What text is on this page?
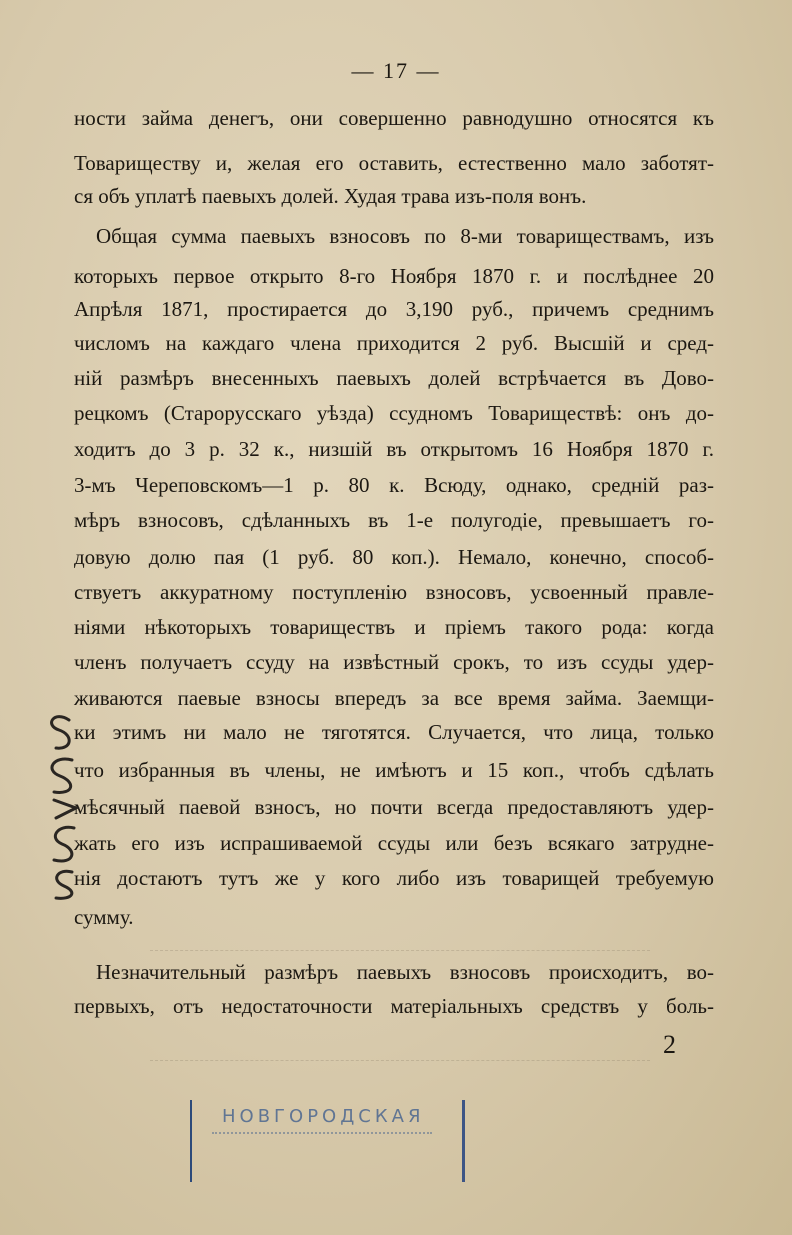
— 17 —
ности займа денегъ, они совершенно равнодушно относятся къ
Товариществу и, желая его оставить, естественно мало заботят-
ся объ уплатѣ паевыхъ долей. Худая трава изъ-поля вонъ.
Общая сумма паевыхъ взносовъ по 8-ми товариществамъ, изъ
которыхъ первое открыто 8-го Ноября 1870 г. и послѣднее 20
Апрѣля 1871, простирается до 3,190 руб., причемъ среднимъ
числомъ на каждаго члена приходится 2 руб. Высшій и сред-
ній размѣръ внесенныхъ паевыхъ долей встрѣчается въ Дово-
рецкомъ (Старорусскаго уѣзда) ссудномъ Товариществѣ: онъ до-
ходитъ до 3 р. 32 к., низшій въ открытомъ 16 Ноября 1870 г.
3-мъ Череповскомъ—1 р. 80 к. Всюду, однако, средній раз-
мѣръ взносовъ, сдѣланныхъ въ 1-е полугодіе, превышаетъ го-
довую долю пая (1 руб. 80 коп.). Немало, конечно, способ-
ствуетъ аккуратному поступленію взносовъ, усвоенный правле-
ніями нѣкоторыхъ товариществъ и пріемъ такого рода: когда
членъ получаетъ ссуду на извѣстный срокъ, то изъ ссуды удер-
живаются паевые взносы впередъ за все время займа. Заемщи-
ки этимъ ни мало не тяготятся. Случается, что лица, только
что избранныя въ члены, не имѣютъ и 15 коп., чтобъ сдѣлать
мѣсячный паевой взносъ, но почти всегда предоставляютъ удер-
жать его изъ испрашиваемой ссуды или безъ всякаго затрудне-
нія достаютъ тутъ же у кого либо изъ товарищей требуемую
сумму.
Незначительный размѣръ паевыхъ взносовъ происходитъ, во-
первыхъ, отъ недостаточности матеріальныхъ средствъ у боль-
2
НОВГОРОДСКАЯ
